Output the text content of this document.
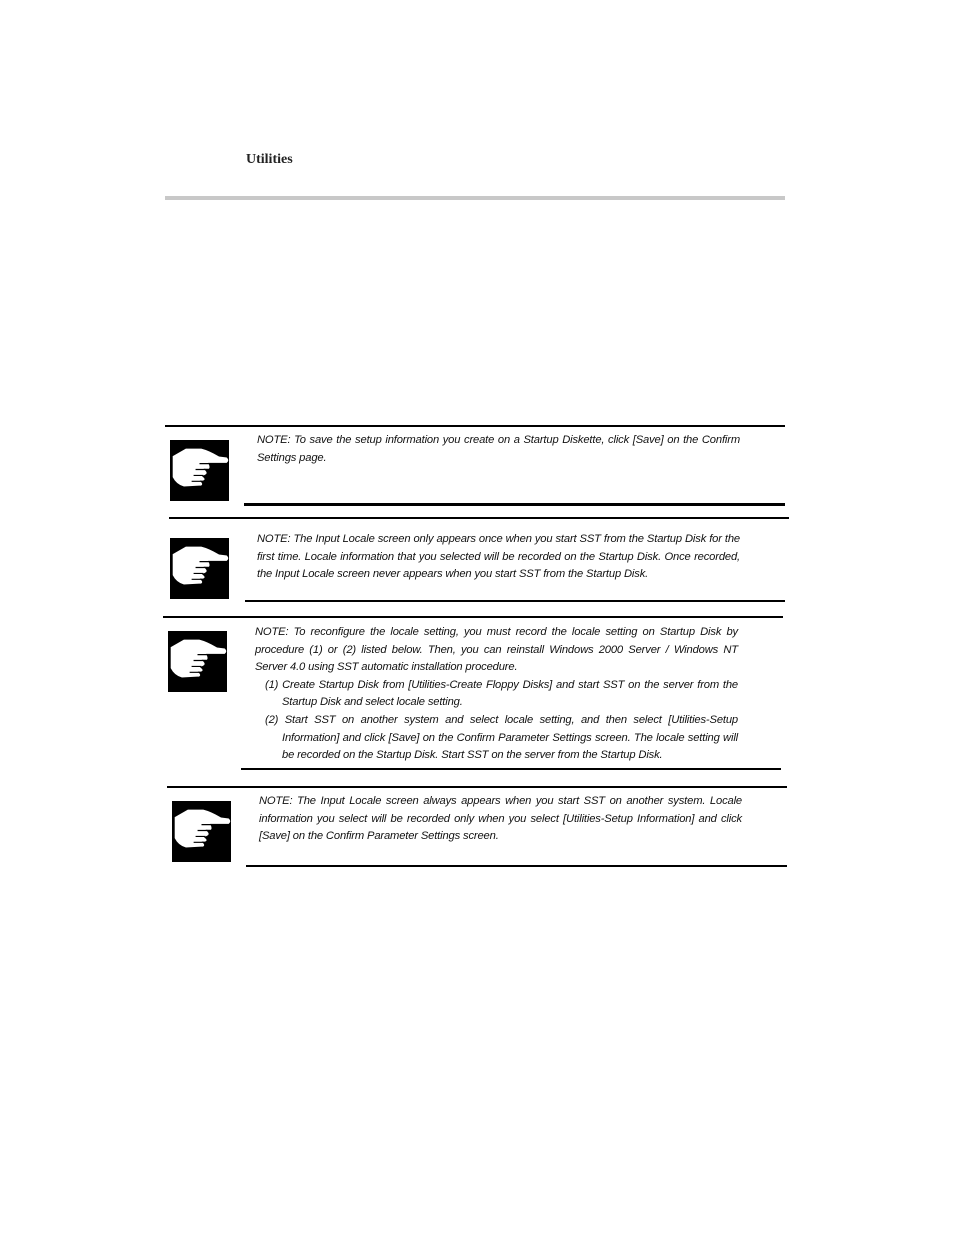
Utilities

NOTE: To save the setup information you create on a Startup Diskette, click [Save] on the Confirm Settings page.

NOTE: The Input Locale screen only appears once when you start SST from the Startup Disk for the first time. Locale information that you selected will be recorded on the Startup Disk. Once recorded, the Input Locale screen never appears when you start SST from the Startup Disk.

NOTE: To reconfigure the locale setting, you must record the locale setting on Startup Disk by procedure (1) or (2) listed below. Then, you can reinstall Windows 2000 Server / Windows NT Server 4.0 using SST automatic installation procedure.

(1) Create Startup Disk from [Utilities-Create Floppy Disks] and start SST on the server from the Startup Disk and select locale setting.

(2) Start SST on another system and select locale setting, and then select [Utilities-Setup Information] and click [Save] on the Confirm Parameter Settings screen. The locale setting will be recorded on the Startup Disk. Start SST on the server from the Startup Disk.

NOTE: The Input Locale screen always appears when you start SST on another system. Locale information you select will be recorded only when you select [Utilities-Setup Information] and click [Save] on the Confirm Parameter Settings screen.
